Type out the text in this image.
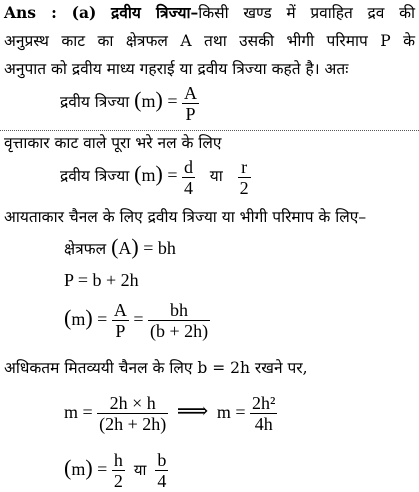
Ans : (a) द्रवीय त्रिज्या–किसी खण्ड में प्रवाहित द्रव की
अनुप्रस्थ काट का क्षेत्रफल A तथा उसकी भीगी परिमाप P के
अनुपात को द्रवीय माध्य गहराई या द्रवीय त्रिज्या कहते है। अतः
द्रवीय त्रिज्या $(m) = \frac{A}{P}$
वृत्ताकार काट वाले पूरा भरे नल के लिए
द्रवीय त्रिज्या $(m) = \frac{d}{4}$ या $\frac{r}{2}$
आयताकार चैनल के लिए द्रवीय त्रिज्या या भीगी परिमाप के लिए–
क्षेत्रफल (A) = bh
P = b + 2h
$(m) = \frac{A}{P} = \frac{bh}{(b + 2h)}$
अधिकतम मितव्ययी चैनल के लिए b = 2h रखने पर,
$m = \frac{2h \times h}{(2h + 2h)}$ ⟹ $m = \frac{\text{2h²}}{4h}$
$(m) = \frac{h}{2}$ या $\frac{b}{4}$
